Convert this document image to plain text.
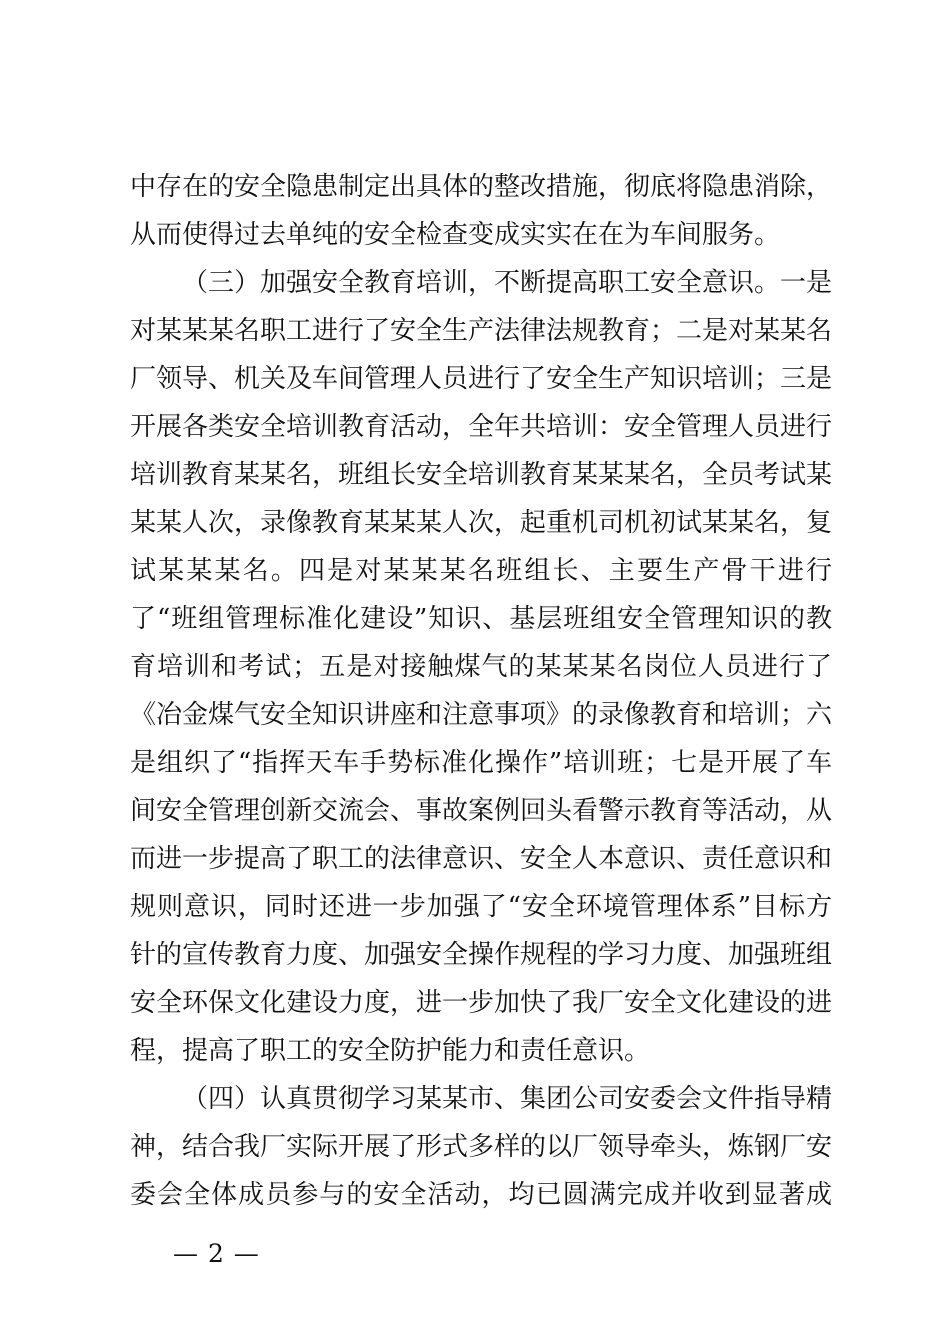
中存在的安全隐患制定出具体的整改措施，彻底将隐患消除，
从而使得过去单纯的安全检查变成实实在在为车间服务。
（三）加强安全教育培训，不断提高职工安全意识。一是
对某某某名职工进行了安全生产法律法规教育；二是对某某名
厂领导、机关及车间管理人员进行了安全生产知识培训；三是
开展各类安全培训教育活动，全年共培训：安全管理人员进行
培训教育某某名，班组长安全培训教育某某某名，全员考试某
某某人次，录像教育某某某人次，起重机司机初试某某名，复
试某某某名。四是对某某某名班组长、主要生产骨干进行
了“班组管理标准化建设”知识、基层班组安全管理知识的教
育培训和考试；五是对接触煤气的某某某名岗位人员进行了
《冶金煤气安全知识讲座和注意事项》的录像教育和培训；六
是组织了“指挥天车手势标准化操作”培训班；七是开展了车
间安全管理创新交流会、事故案例回头看警示教育等活动，从
而进一步提高了职工的法律意识、安全人本意识、责任意识和
规则意识，同时还进一步加强了“安全环境管理体系”目标方
针的宣传教育力度、加强安全操作规程的学习力度、加强班组
安全环保文化建设力度，进一步加快了我厂安全文化建设的进
程，提高了职工的安全防护能力和责任意识。
（四）认真贯彻学习某某市、集团公司安委会文件指导精
神，结合我厂实际开展了形式多样的以厂领导牵头，炼钢厂安
委会全体成员参与的安全活动，均已圆满完成并收到显著成
— 2 —
